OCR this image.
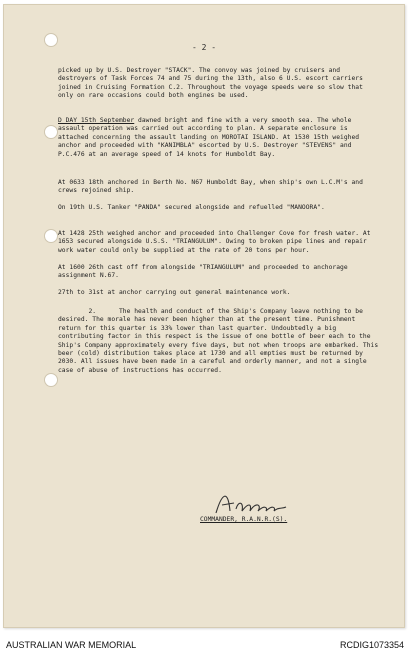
- 2 -

picked up by U.S. Destroyer "STACK". The convoy was joined by cruisers and destroyers of Task Forces 74 and 75 during the 13th, also 6 U.S. escort carriers joined in Cruising Formation C.2. Throughout the voyage speeds were so slow that only on rare occasions could both engines be used.

D DAY 15th September dawned bright and fine with a very smooth sea. The whole assault operation was carried out according to plan. A separate enclosure is attached concerning the assault landing on MOROTAI ISLAND. At 1530 15th weighed anchor and proceeded with "KANIMBLA" escorted by U.S. Destroyer "STEVENS" and P.C.476 at an average speed of 14 knots for Humboldt Bay.

At 0633 18th anchored in Berth No. N67 Humboldt Bay, when ship's own L.C.M's and crews rejoined ship.

On 19th U.S. Tanker "PANDA" secured alongside and refuelled "MANOORA".

At 1428 25th weighed anchor and proceeded into Challenger Cove for fresh water. At 1653 secured alongside U.S.S. "TRIANGULUM". Owing to broken pipe lines and repair work water could only be supplied at the rate of 20 tons per hour.

At 1600 26th cast off from alongside "TRIANGULUM" and proceeded to anchorage assignment N.67.

27th to 31st at anchor carrying out general maintenance work.

2.      The health and conduct of the Ship's Company leave nothing to be desired. The morale has never been higher than at the present time. Punishment return for this quarter is 33% lower than last quarter. Undoubtedly a big contributing factor in this respect is the issue of one bottle of beer each to the Ship's Company approximately every five days, but not when troops are embarked. This beer (cold) distribution takes place at 1730 and all empties must be returned by 2030. All issues have been made in a careful and orderly manner, and not a single case of abuse of instructions has occurred.

COMMANDER, R.A.N.R.(S).
AUSTRALIAN WAR MEMORIAL	RCDIG1073354
